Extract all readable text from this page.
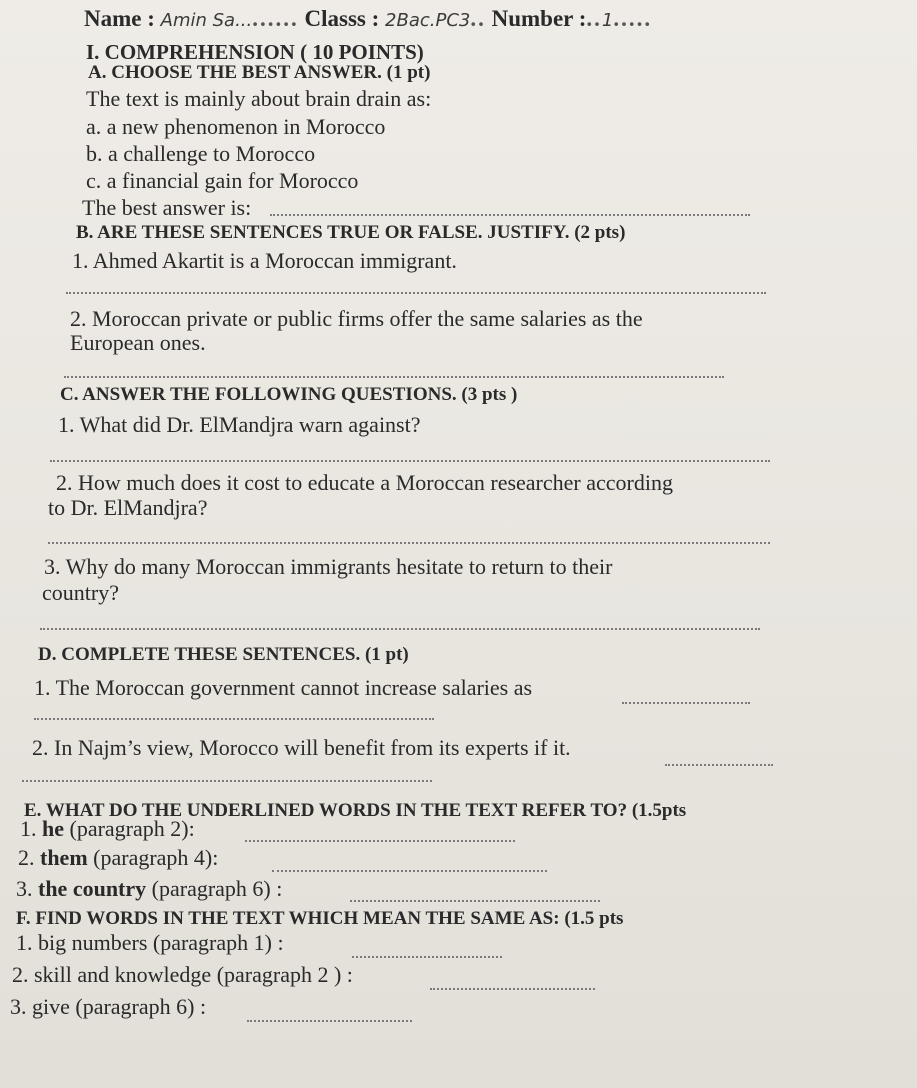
Name : Amin Sa......... Classs : 2Bac.PC3.. Number :..1.....
I. COMPREHENSION ( 10 POINTS)
A. CHOOSE THE BEST ANSWER. (1 pt)
The text is mainly about brain drain as:
a. a new phenomenon in Morocco
b. a challenge to Morocco
c. a financial gain for Morocco
The best answer is:
B. ARE THESE SENTENCES TRUE OR FALSE. JUSTIFY. (2 pts)
1. Ahmed Akartit is a Moroccan immigrant.
2. Moroccan private or public firms offer the same salaries as the
European ones.
C. ANSWER THE FOLLOWING QUESTIONS. (3 pts )
1. What did Dr. ElMandjra warn against?
2. How much does it cost to educate a Moroccan researcher according
to Dr. ElMandjra?
3. Why do many Moroccan immigrants hesitate to return to their
country?
D. COMPLETE THESE SENTENCES. (1 pt)
1. The Moroccan government cannot increase salaries as
2. In Najm’s view, Morocco will benefit from its experts if it.
E. WHAT DO THE UNDERLINED WORDS IN THE TEXT REFER TO? (1.5pts
1. he (paragraph 2):
2. them (paragraph 4):
3. the country (paragraph 6) :
F. FIND WORDS IN THE TEXT WHICH MEAN THE SAME AS: (1.5 pts
1. big numbers (paragraph 1) :
2. skill and knowledge (paragraph 2 ) :
3. give (paragraph 6) :
